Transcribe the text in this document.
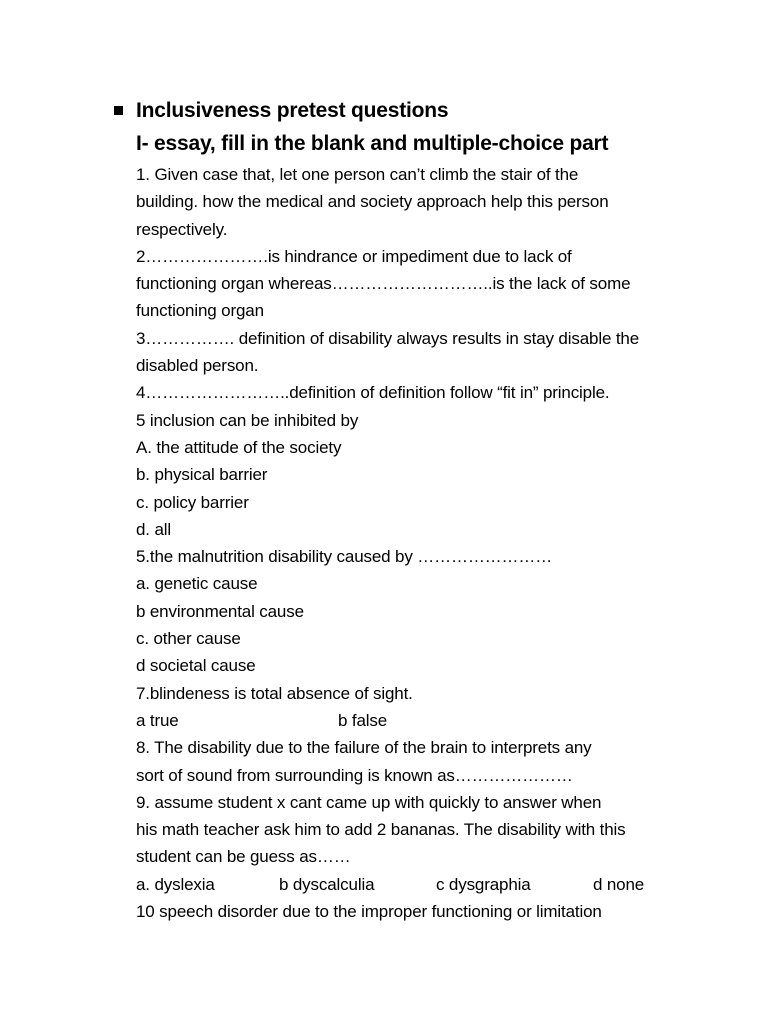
Inclusiveness pretest questions
I- essay, fill in the blank and multiple-choice part
1. Given case that, let one person can’t climb the stair of the
building. how the medical and society approach help this person
respectively.
2………………….is hindrance or impediment due to lack of
functioning organ whereas………………………..is the lack of some
functioning organ
3……………. definition of disability always results in stay disable the
disabled person.
4……………………..definition of definition follow “fit in” principle.
5 inclusion can be inhibited by
A. the attitude of the society
b. physical barrier
c. policy barrier
d. all
5.the malnutrition disability caused by ……………………
a. genetic cause
b environmental cause
c. other cause
d societal cause
7.blindeness is total absence of sight.
a true	b false
8. The disability due to the failure of the brain to interprets any
sort of sound from surrounding is known as…………………
9. assume student x cant came up with quickly to answer when
his math teacher ask him to add 2 bananas. The disability with this
student can be guess as……
a. dyslexia	b dyscalculia	c dysgraphia	d none
10 speech disorder due to the improper functioning or limitation
